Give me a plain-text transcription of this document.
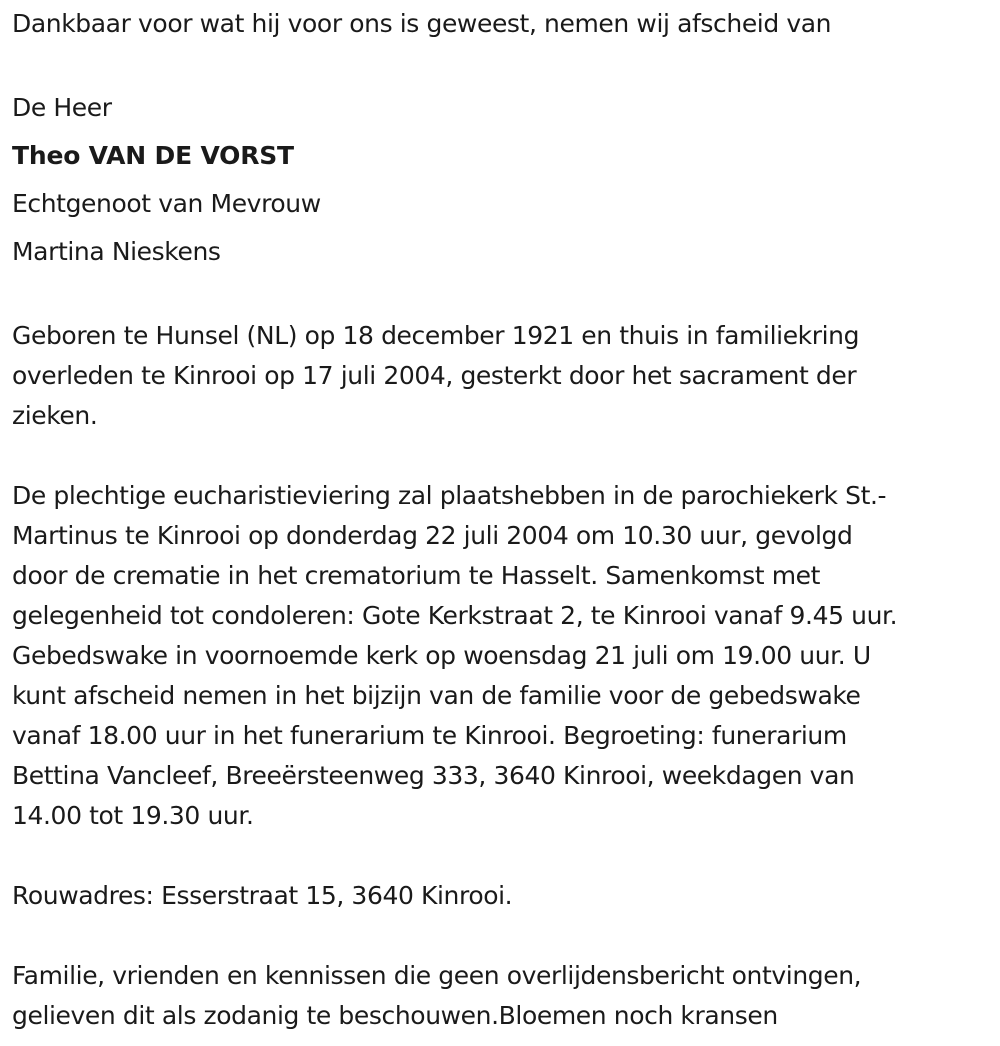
Dankbaar voor wat hij voor ons is geweest, nemen wij afscheid van

De Heer

Theo VAN DE VORST

Echtgenoot van Mevrouw

Martina Nieskens

Geboren te Hunsel (NL) op 18 december 1921 en thuis in familiekring
overleden te Kinrooi op 17 juli 2004, gesterkt door het sacrament der
zieken.
De plechtige eucharistieviering zal plaatshebben in de parochiekerk St.-
Martinus te Kinrooi op donderdag 22 juli 2004 om 10.30 uur, gevolgd
door de crematie in het crematorium te Hasselt. Samenkomst met
gelegenheid tot condoleren: Gote Kerkstraat 2, te Kinrooi vanaf 9.45 uur.
Gebedswake in voornoemde kerk op woensdag 21 juli om 19.00 uur. U
kunt afscheid nemen in het bijzijn van de familie voor de gebedswake
vanaf 18.00 uur in het funerarium te Kinrooi. Begroeting: funerarium
Bettina Vancleef, Breeërsteenweg 333, 3640 Kinrooi, weekdagen van
14.00 tot 19.30 uur.

Rouwadres: Esserstraat 15, 3640 Kinrooi.

Familie, vrienden en kennissen die geen overlijdensbericht ontvingen,
gelieven dit als zodanig te beschouwen.Bloemen noch kransen
